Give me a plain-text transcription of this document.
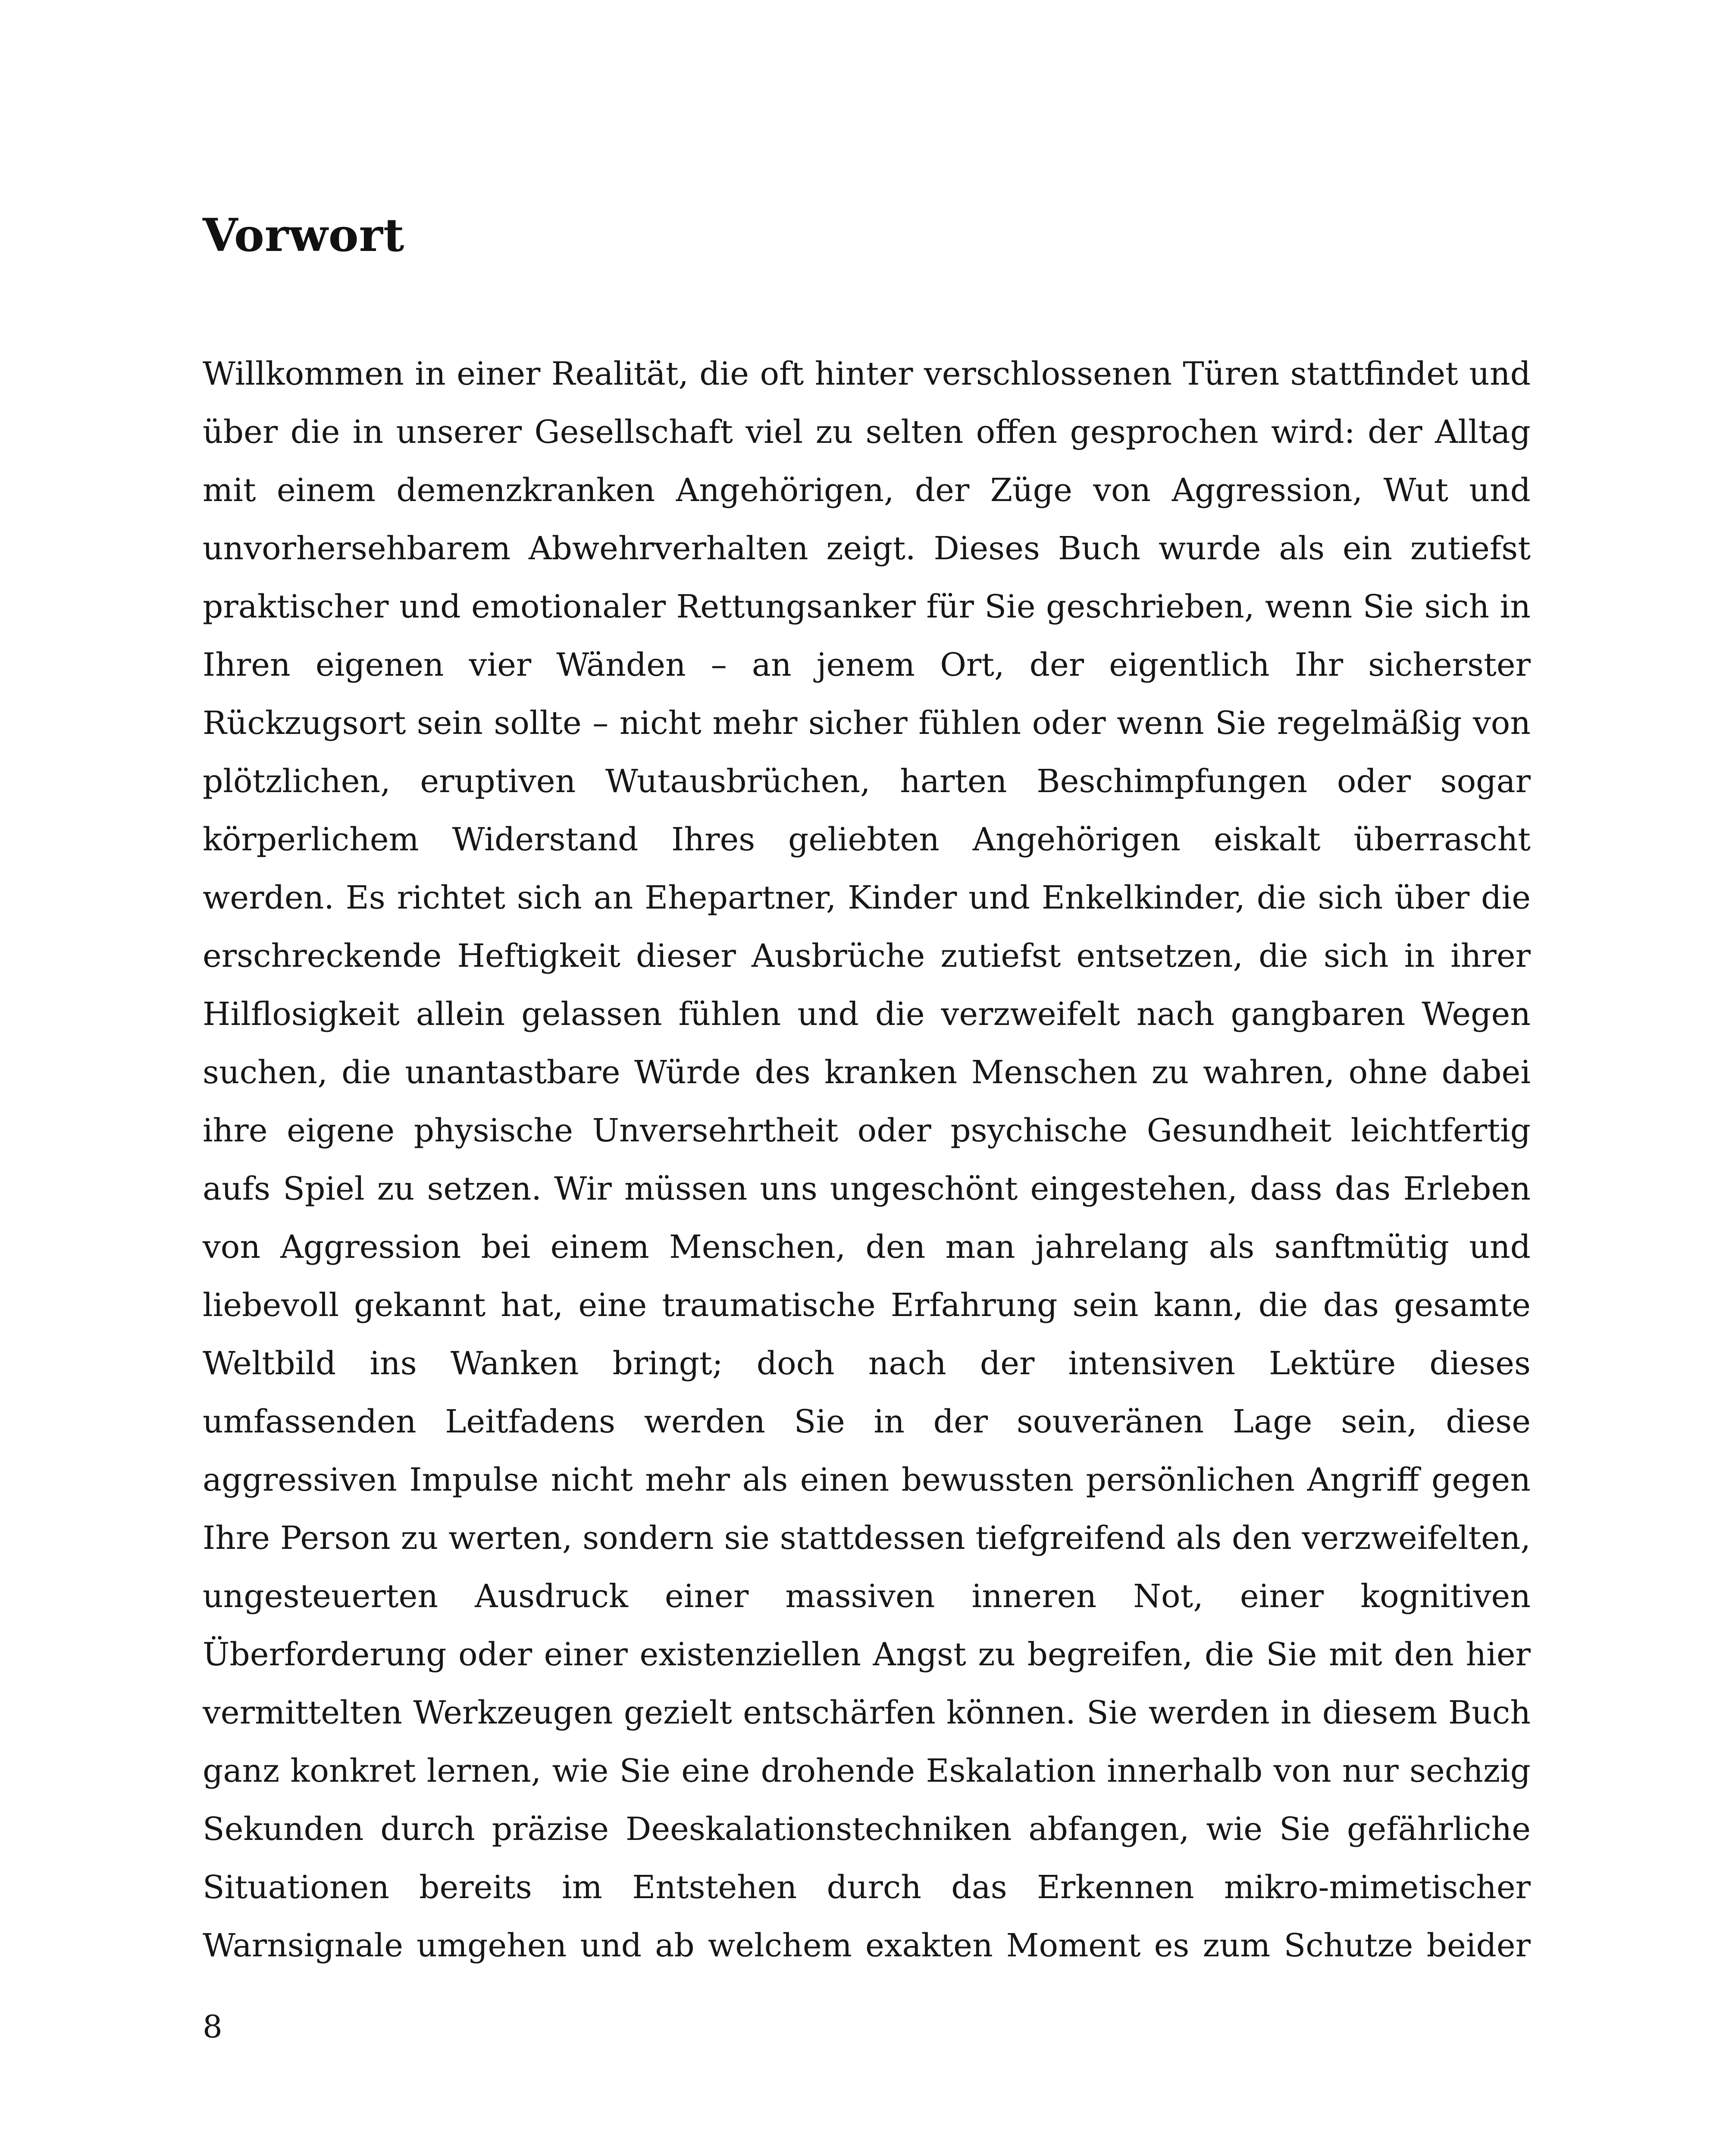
Vorwort

Willkommen in einer Realität, die oft hinter verschlossenen Türen stattfindet und über die in unserer Gesellschaft viel zu selten offen gesprochen wird: der Alltag mit einem demenzkranken Angehörigen, der Züge von Aggression, Wut und unvorhersehbarem Abwehrverhalten zeigt. Dieses Buch wurde als ein zutiefst praktischer und emotionaler Rettungsanker für Sie geschrieben, wenn Sie sich in Ihren eigenen vier Wänden – an jenem Ort, der eigentlich Ihr sicherster Rückzugsort sein sollte – nicht mehr sicher fühlen oder wenn Sie regelmäßig von plötzlichen, eruptiven Wutausbrüchen, harten Beschimpfungen oder sogar körperlichem Widerstand Ihres geliebten Angehörigen eiskalt überrascht werden. Es richtet sich an Ehepartner, Kinder und Enkelkinder, die sich über die erschreckende Heftigkeit dieser Ausbrüche zutiefst entsetzen, die sich in ihrer Hilflosigkeit allein gelassen fühlen und die verzweifelt nach gangbaren Wegen suchen, die unantastbare Würde des kranken Menschen zu wahren, ohne dabei ihre eigene physische Unversehrtheit oder psychische Gesundheit leichtfertig aufs Spiel zu setzen. Wir müssen uns ungeschönt eingestehen, dass das Erleben von Aggression bei einem Menschen, den man jahrelang als sanftmütig und liebevoll gekannt hat, eine traumatische Erfahrung sein kann, die das gesamte Weltbild ins Wanken bringt; doch nach der intensiven Lektüre dieses umfassenden Leitfadens werden Sie in der souveränen Lage sein, diese aggressiven Impulse nicht mehr als einen bewussten persönlichen Angriff gegen Ihre Person zu werten, sondern sie stattdessen tiefgreifend als den verzweifelten, ungesteuerten Ausdruck einer massiven inneren Not, einer kognitiven Überforderung oder einer existenziellen Angst zu begreifen, die Sie mit den hier vermittelten Werkzeugen gezielt entschärfen können. Sie werden in diesem Buch ganz konkret lernen, wie Sie eine drohende Eskalation innerhalb von nur sechzig Sekunden durch präzise Deeskalationstechniken abfangen, wie Sie gefährliche Situationen bereits im Entstehen durch das Erkennen mikro-mimetischer Warnsignale umgehen und ab welchem exakten Moment es zum Schutze beider

8
